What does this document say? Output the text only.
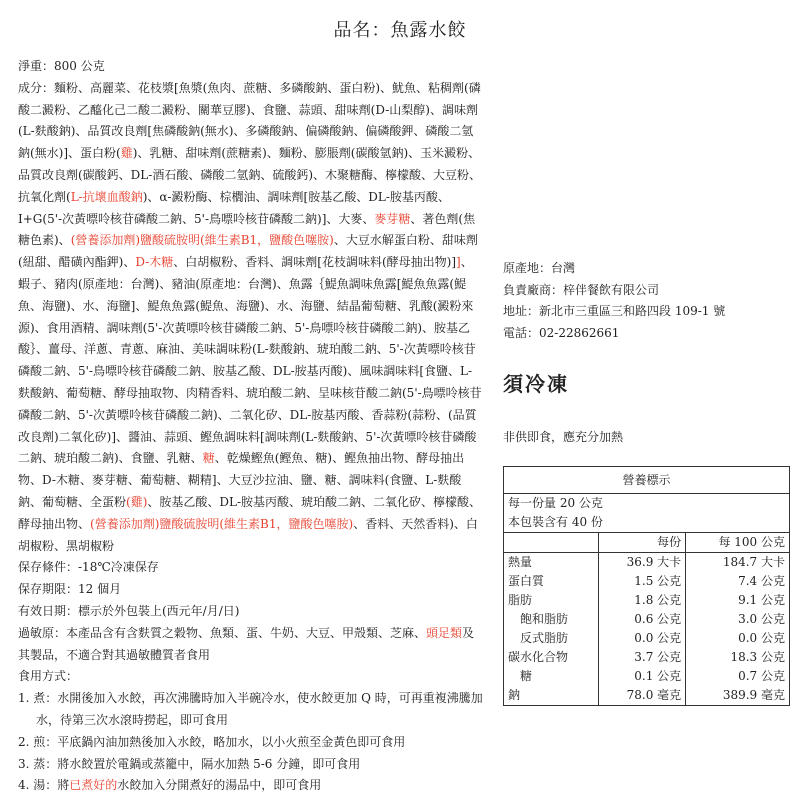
品名：魚露水餃

淨重：800 公克

成分：麵粉、高麗菜、花枝漿[魚漿(魚肉、蔗糖、多磷酸鈉、蛋白粉)、魷魚、粘稠劑(磷酸二澱粉、乙醯化己二酸二澱粉、關華豆膠)、食鹽、蒜頭、甜味劑(D-山梨醇)、調味劑(L-麩酸鈉)、品質改良劑[焦磷酸鈉(無水)、多磷酸鈉、偏磷酸鈉、偏磷酸鉀、磷酸二氫鈉(無水)]、蛋白粉(雞)、乳糖、甜味劑(蔗糖素)、麵粉、膨脹劑(碳酸氫鈉)、玉米澱粉、品質改良劑(碳酸鈣、DL-酒石酸、磷酸二氫鈉、硫酸鈣)、木聚糖酶、檸檬酸、大豆粉、抗氧化劑(L-抗壞血酸鈉)、α-澱粉酶、棕櫚油、調味劑[胺基乙酸、DL-胺基丙酸、I+G(5'-次黃嘌呤核苷磷酸二鈉、5'-鳥嘌呤核苷磷酸二鈉)]、大麥、麥芽糖、著色劑(焦糖色素)、(營養添加劑)鹽酸硫胺明(維生素B1，鹽酸色噻胺)、大豆水解蛋白粉、甜味劑(紐甜、醋磺內酯鉀)、D-木糖、白胡椒粉、香料、調味劑[花枝調味料(酵母抽出物)]]、蝦子、豬肉(原產地：台灣)、豬油(原產地：台灣)、魚露｛鯷魚調味魚露[鯷魚魚露(鯷魚、海鹽)、水、海鹽]、鯷魚魚露(鯷魚、海鹽)、水、海鹽、結晶葡萄糖、乳酸(澱粉來源)、食用酒精、調味劑(5'-次黃嘌呤核苷磷酸二鈉、5'-鳥嘌呤核苷磷酸二鈉)、胺基乙酸｝、薑母、洋蔥、青蔥、麻油、美味調味粉(L-麩酸鈉、琥珀酸二鈉、5'-次黃嘌呤核苷磷酸二鈉、5'-鳥嘌呤核苷磷酸二鈉、胺基乙酸、DL-胺基丙酸)、風味調味料[食鹽、L-麩酸鈉、葡萄糖、酵母抽取物、肉精香料、琥珀酸二鈉、呈味核苷酸二鈉(5'-鳥嘌呤核苷磷酸二鈉、5'-次黃嘌呤核苷磷酸二鈉)、二氧化矽、DL-胺基丙酸、香蒜粉(蒜粉、(品質改良劑)二氧化矽)]、醬油、蒜頭、鰹魚調味料[調味劑(L-麩酸鈉、5'-次黃嘌呤核苷磷酸二鈉、琥珀酸二鈉)、食鹽、乳糖、糖、乾燥鰹魚(鰹魚、糖)、鰹魚抽出物、酵母抽出物、D-木糖、麥芽糖、葡萄糖、糊精]、大豆沙拉油、鹽、糖、調味料(食鹽、L-麩酸鈉、葡萄糖、全蛋粉(雞)、胺基乙酸、DL-胺基丙酸、琥珀酸二鈉、二氧化矽、檸檬酸、酵母抽出物、(營養添加劑)鹽酸硫胺明(維生素B1，鹽酸色噻胺)、香料、天然香料)、白胡椒粉、黑胡椒粉

保存條件：-18℃冷凍保存

保存期限：12 個月

有效日期：標示於外包裝上(西元年/月/日)

過敏原：本產品含有含麩質之穀物、魚類、蛋、牛奶、大豆、甲殼類、芝麻、頭足類及其製品，不適合對其過敏體質者食用

食用方式：

1. 煮：水開後加入水餃，再次沸騰時加入半碗冷水，使水餃更加 Q 時，可再重複沸騰加水，待第三次水滾時撈起，即可食用

2. 煎：平底鍋內油加熱後加入水餃，略加水，以小火煎至金黃色即可食用

3. 蒸：將水餃置於電鍋或蒸籠中，隔水加熱 5-6 分鐘，即可食用

4. 湯：將已煮好的水餃加入分開煮好的湯品中，即可食用

原產地：台灣

負責廠商：梓伴餐飲有限公司

地址：新北市三重區三和路四段 109-1 號

電話：02-22862661

須冷凍
非供即食，應充分加熱
營養標示		
每一份量 20 公克		
本包裝含有 40 份		
	每份	每 100 公克
熱量	36.9 大卡	184.7 大卡
蛋白質	1.5 公克	7.4 公克
脂肪	1.8 公克	9.1 公克
飽和脂肪	0.6 公克	3.0 公克
反式脂肪	0.0 公克	0.0 公克
碳水化合物	3.7 公克	18.3 公克
糖	0.1 公克	0.7 公克
鈉	78.0 毫克	389.9 毫克
